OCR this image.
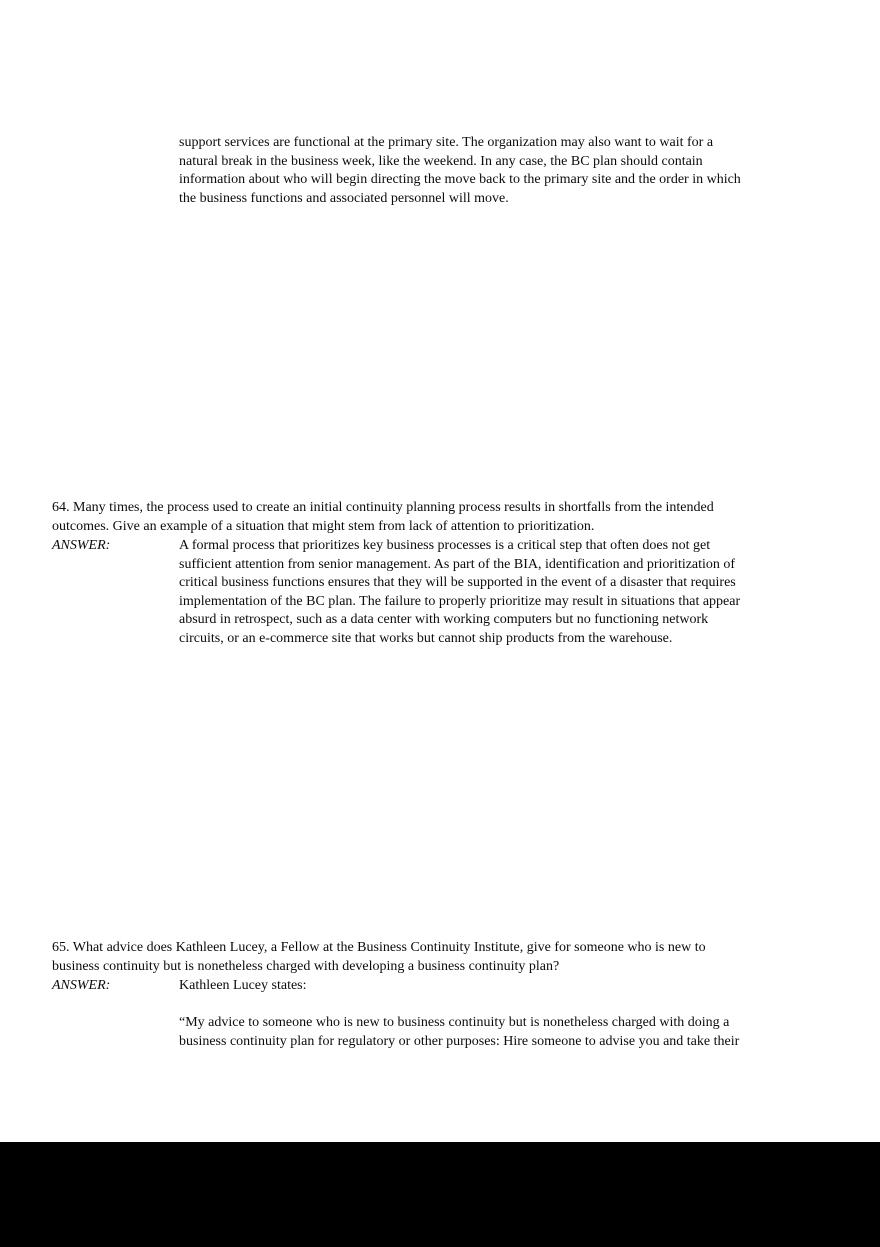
support services are functional at the primary site. The organization may also want to wait for a
natural break in the business week, like the weekend. In any case, the BC plan should contain
information about who will begin directing the move back to the primary site and the order in which
the business functions and associated personnel will move.
64. Many times, the process used to create an initial continuity planning process results in shortfalls from the intended
outcomes. Give an example of a situation that might stem from lack of attention to prioritization.
ANSWER:	A formal process that prioritizes key business processes is a critical step that often does not get
sufficient attention from senior management. As part of the BIA, identification and prioritization of
critical business functions ensures that they will be supported in the event of a disaster that requires
implementation of the BC plan. The failure to properly prioritize may result in situations that appear
absurd in retrospect, such as a data center with working computers but no functioning network
circuits, or an e-commerce site that works but cannot ship products from the warehouse.
65. What advice does Kathleen Lucey, a Fellow at the Business Continuity Institute, give for someone who is new to
business continuity but is nonetheless charged with developing a business continuity plan?
ANSWER:	Kathleen Lucey states:
“My advice to someone who is new to business continuity but is nonetheless charged with doing a
business continuity plan for regulatory or other purposes: Hire someone to advise you and take their
